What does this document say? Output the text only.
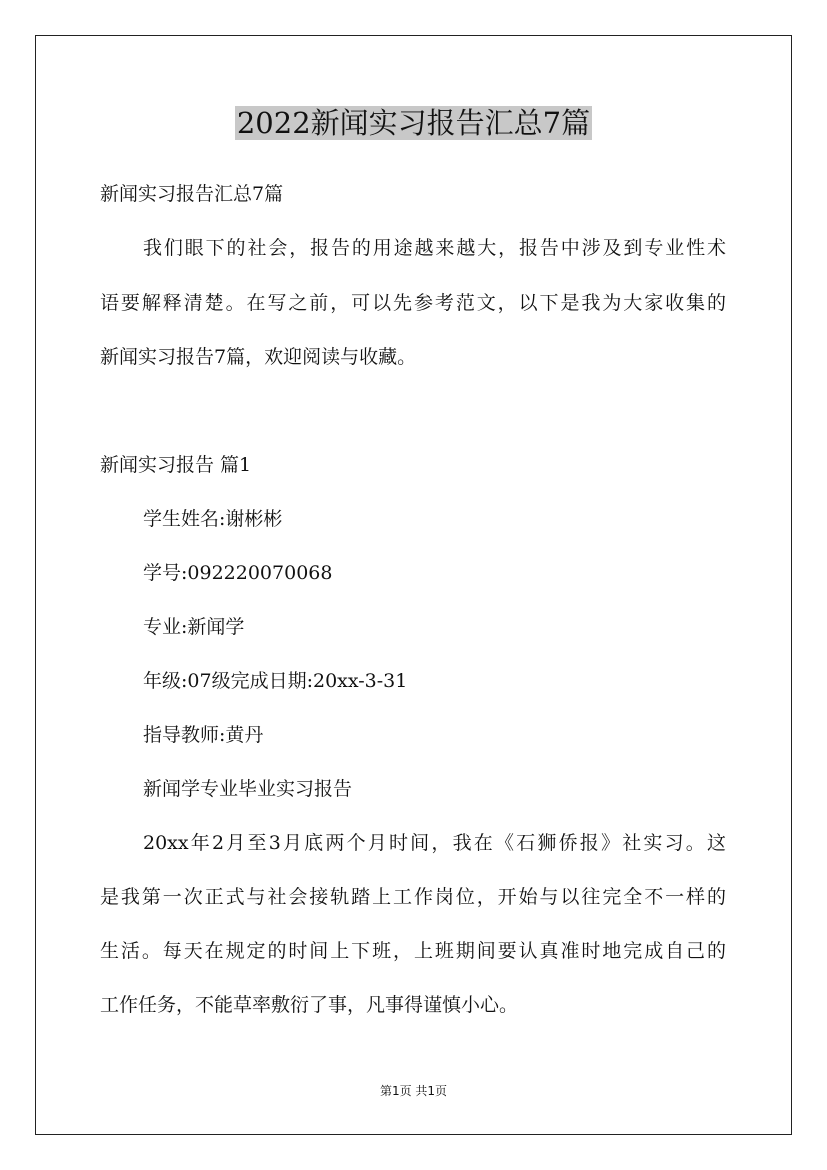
2022新闻实习报告汇总7篇
新闻实习报告汇总7篇
我们眼下的社会，报告的用途越来越大，报告中涉及到专业性术
语要解释清楚。在写之前，可以先参考范文，以下是我为大家收集的
新闻实习报告7篇，欢迎阅读与收藏。
新闻实习报告 篇1
学生姓名:谢彬彬
学号:092220070068
专业:新闻学
年级:07级完成日期:20xx-3-31
指导教师:黄丹
新闻学专业毕业实习报告
20xx年2月至3月底两个月时间，我在《石狮侨报》社实习。这
是我第一次正式与社会接轨踏上工作岗位，开始与以往完全不一样的
生活。每天在规定的时间上下班，上班期间要认真准时地完成自己的
工作任务，不能草率敷衍了事，凡事得谨慎小心。
第1页 共1页
